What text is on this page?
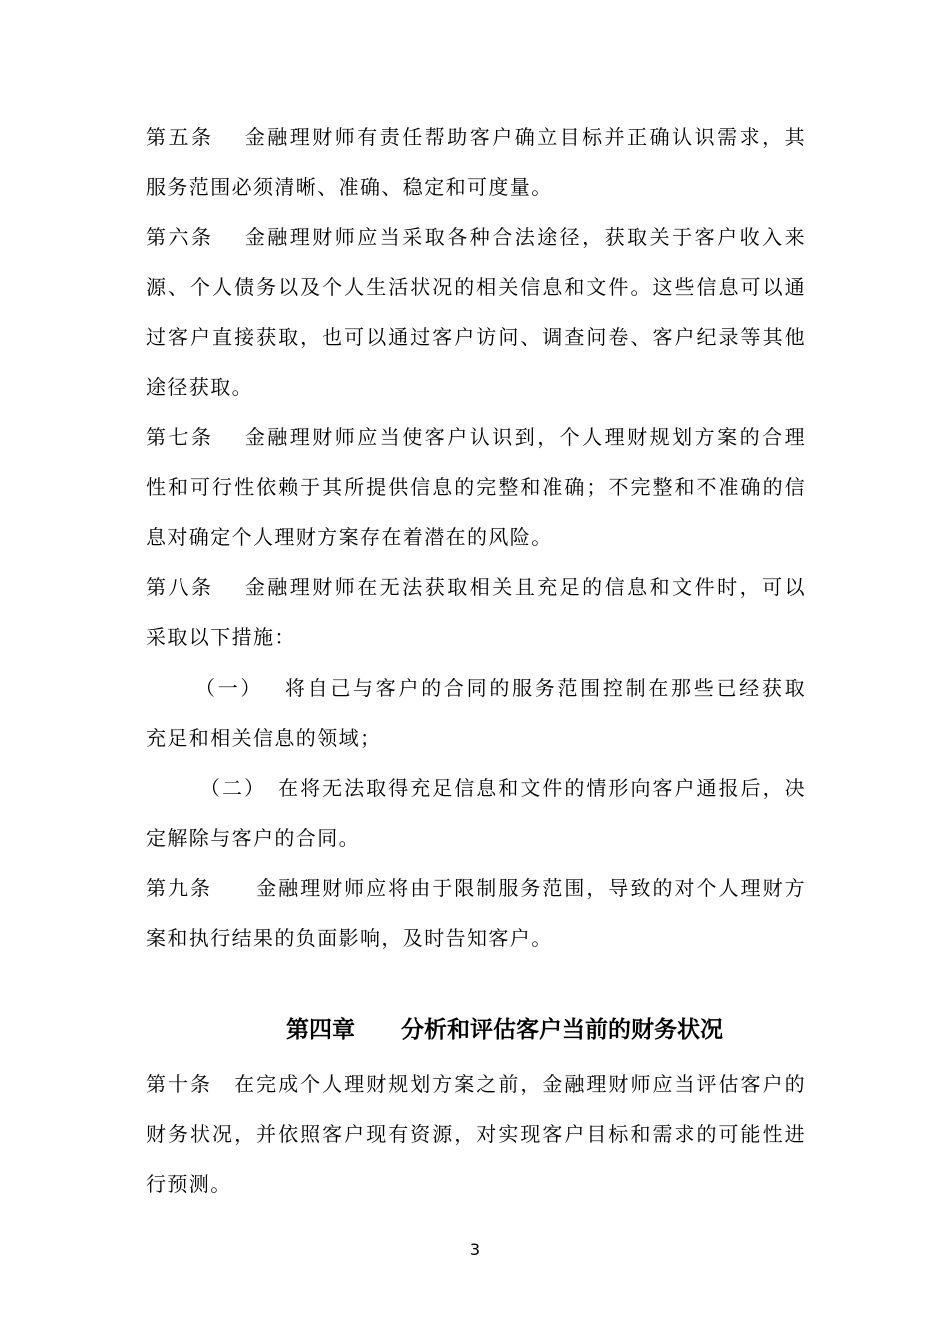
第五条　 金融理财师有责任帮助客户确立目标并正确认识需求，其
服务范围必须清晰、准确、稳定和可度量。
第六条　 金融理财师应当采取各种合法途径，获取关于客户收入来
源、个人债务以及个人生活状况的相关信息和文件。这些信息可以通
过客户直接获取，也可以通过客户访问、调查问卷、客户纪录等其他
途径获取。
第七条　 金融理财师应当使客户认识到，个人理财规划方案的合理
性和可行性依赖于其所提供信息的完整和准确；不完整和不准确的信
息对确定个人理财方案存在着潜在的风险。
第八条　 金融理财师在无法获取相关且充足的信息和文件时，可以
采取以下措施：
（一）　 将自己与客户的合同的服务范围控制在那些已经获取
充足和相关信息的领域；
（二）　在将无法取得充足信息和文件的情形向客户通报后，决
定解除与客户的合同。
第九条　　金融理财师应将由于限制服务范围，导致的对个人理财方
案和执行结果的负面影响，及时告知客户。
第四章　　分析和评估客户当前的财务状况
第十条　在完成个人理财规划方案之前，金融理财师应当评估客户的
财务状况，并依照客户现有资源，对实现客户目标和需求的可能性进
行预测。
3
